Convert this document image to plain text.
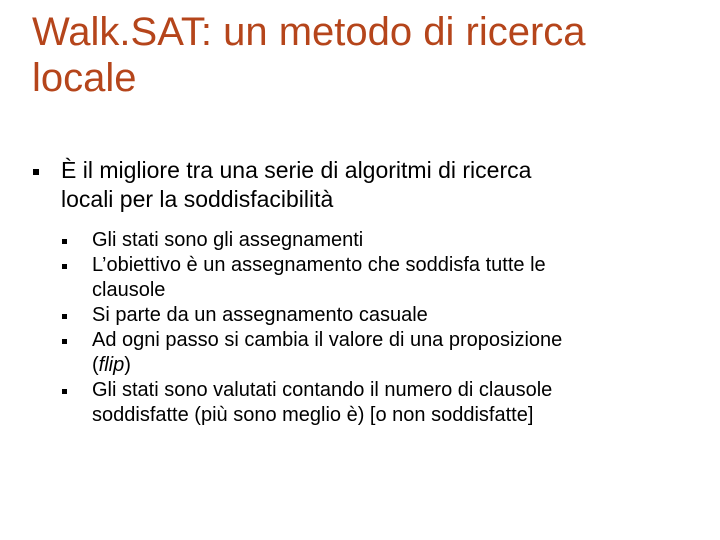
Walk.SAT: un metodo di ricerca
locale
È il migliore tra una serie di algoritmi di ricerca
locali per la soddisfacibilità
Gli stati sono gli assegnamenti
L’obiettivo è un assegnamento che soddisfa tutte le
clausole
Si parte da un assegnamento casuale
Ad ogni passo si cambia il valore di una proposizione
(flip)
Gli stati sono valutati contando il numero di clausole
soddisfatte (più sono meglio è) [o non soddisfatte]
